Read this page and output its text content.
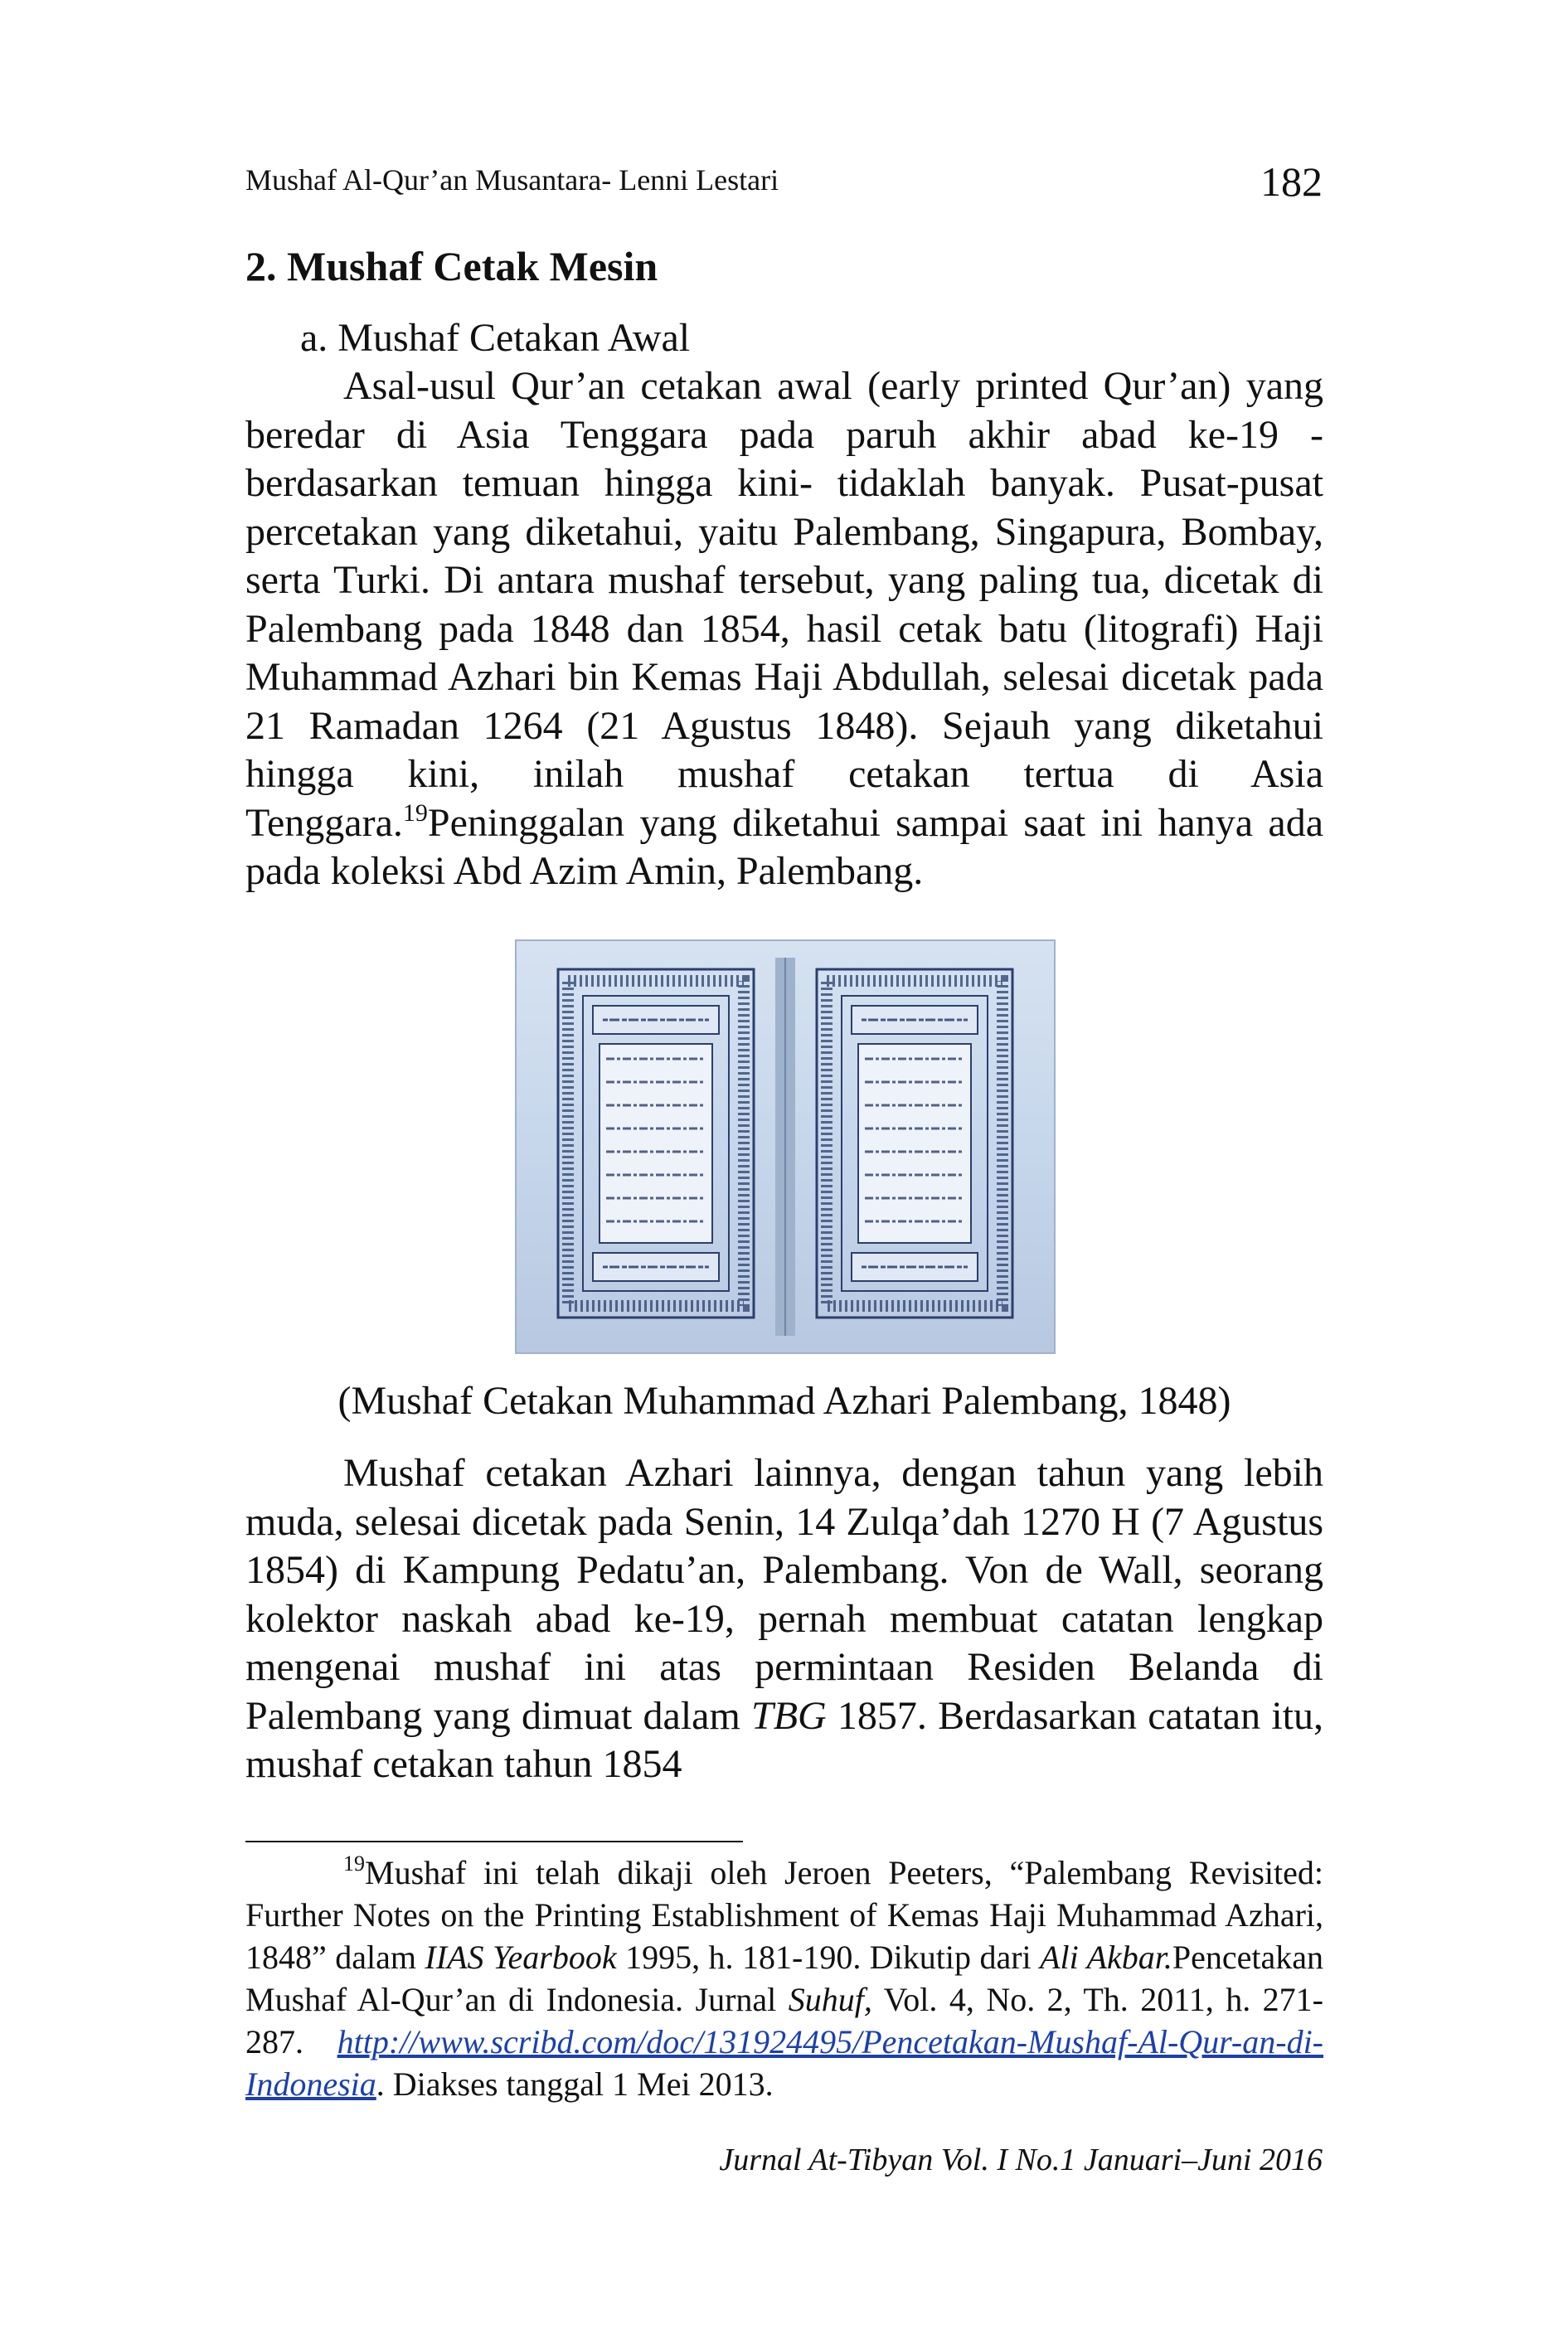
Mushaf Al-Qur’an Musantara- Lenni Lestari	182
2. Mushaf Cetak Mesin
a. Mushaf Cetakan Awal

Asal-usul Qur’an cetakan awal (early printed Qur’an) yang beredar di Asia Tenggara pada paruh akhir abad ke-19 - berdasarkan temuan hingga kini- tidaklah banyak. Pusat-pusat percetakan yang diketahui, yaitu Palembang, Singapura, Bombay, serta Turki. Di antara mushaf tersebut, yang paling tua, dicetak di Palembang pada 1848 dan 1854, hasil cetak batu (litografi) Haji Muhammad Azhari bin Kemas Haji Abdullah, selesai dicetak pada 21 Ramadan 1264 (21 Agustus 1848). Sejauh yang diketahui hingga kini, inilah mushaf cetakan tertua di Asia Tenggara.$^{19}$Peninggalan yang diketahui sampai saat ini hanya ada pada koleksi Abd Azim Amin, Palembang.

(Mushaf Cetakan Muhammad Azhari Palembang, 1848)

Mushaf cetakan Azhari lainnya, dengan tahun yang lebih muda, selesai dicetak pada Senin, 14 Zulqa’dah 1270 H (7 Agustus 1854) di Kampung Pedatu’an, Palembang. Von de Wall, seorang kolektor naskah abad ke-19, pernah membuat catatan lengkap mengenai mushaf ini atas permintaan Residen Belanda di Palembang yang dimuat dalam TBG 1857. Berdasarkan catatan itu, mushaf cetakan tahun 1854

$^{19}$Mushaf ini telah dikaji oleh Jeroen Peeters, “Palembang Revisited: Further Notes on the Printing Establishment of Kemas Haji Muhammad Azhari, 1848” dalam IIAS Yearbook 1995, h. 181-190. Dikutip dari Ali Akbar.Pencetakan Mushaf Al-Qur’an di Indonesia. Jurnal Suhuf, Vol. 4, No. 2, Th. 2011, h. 271-287. http://www.scribd.com/doc/131924495/Pencetakan-Mushaf-Al-Qur-an-di-Indonesia. Diakses tanggal 1 Mei 2013.

Jurnal At-Tibyan Vol. I No.1 Januari–Juni 2016
